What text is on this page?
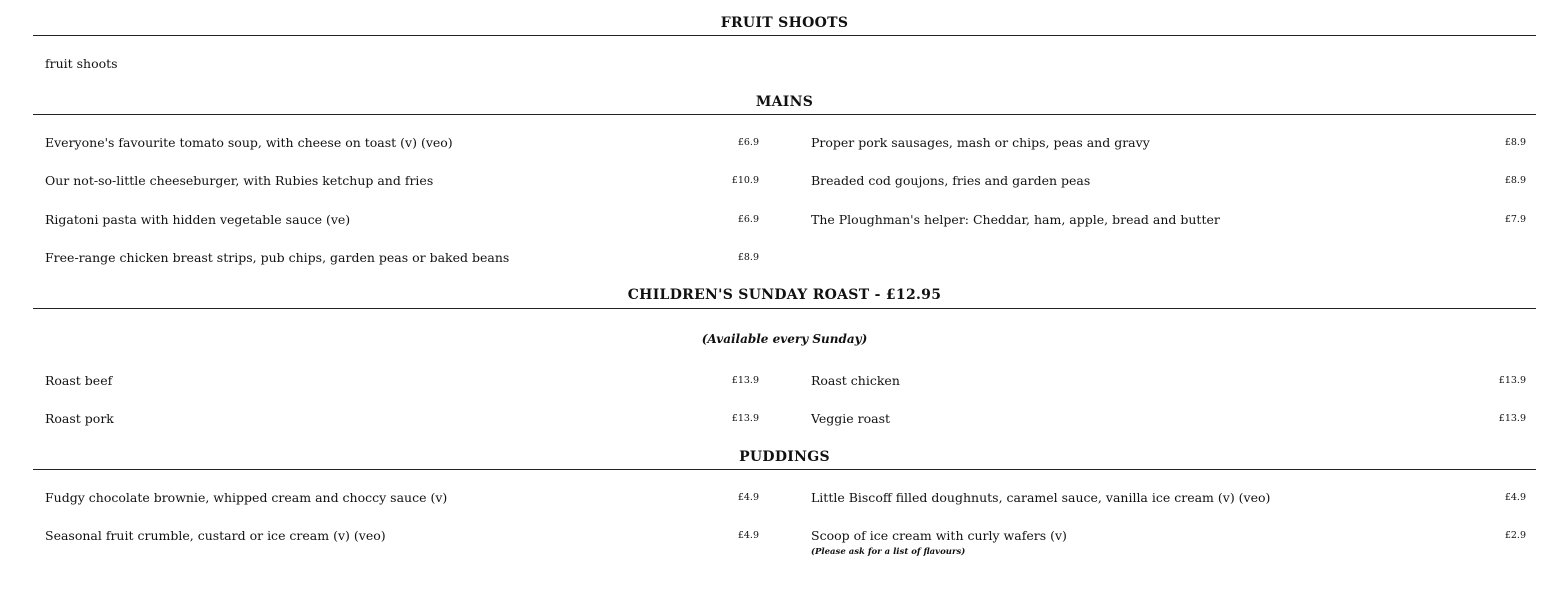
FRUIT SHOOTS
fruit shoots
MAINS
Everyone's favourite tomato soup, with cheese on toast (v) (veo)	£6.9	Proper pork sausages, mash or chips, peas and gravy	£8.9
Our not-so-little cheeseburger, with Rubies ketchup and fries	£10.9	Breaded cod goujons, fries and garden peas	£8.9
Rigatoni pasta with hidden vegetable sauce (ve)	£6.9	The Ploughman's helper: Cheddar, ham, apple, bread and butter	£7.9
Free-range chicken breast strips, pub chips, garden peas or baked beans	£8.9
CHILDREN'S SUNDAY ROAST - £12.95
(Available every Sunday)
Roast beef	£13.9	Roast chicken	£13.9
Roast pork	£13.9	Veggie roast	£13.9
PUDDINGS
Fudgy chocolate brownie, whipped cream and choccy sauce (v)	£4.9	Little Biscoff filled doughnuts, caramel sauce, vanilla ice cream (v) (veo)	£4.9
Seasonal fruit crumble, custard or ice cream (v) (veo)	£4.9	Scoop of ice cream with curly wafers (v)	£2.9
(Please ask for a list of flavours)
